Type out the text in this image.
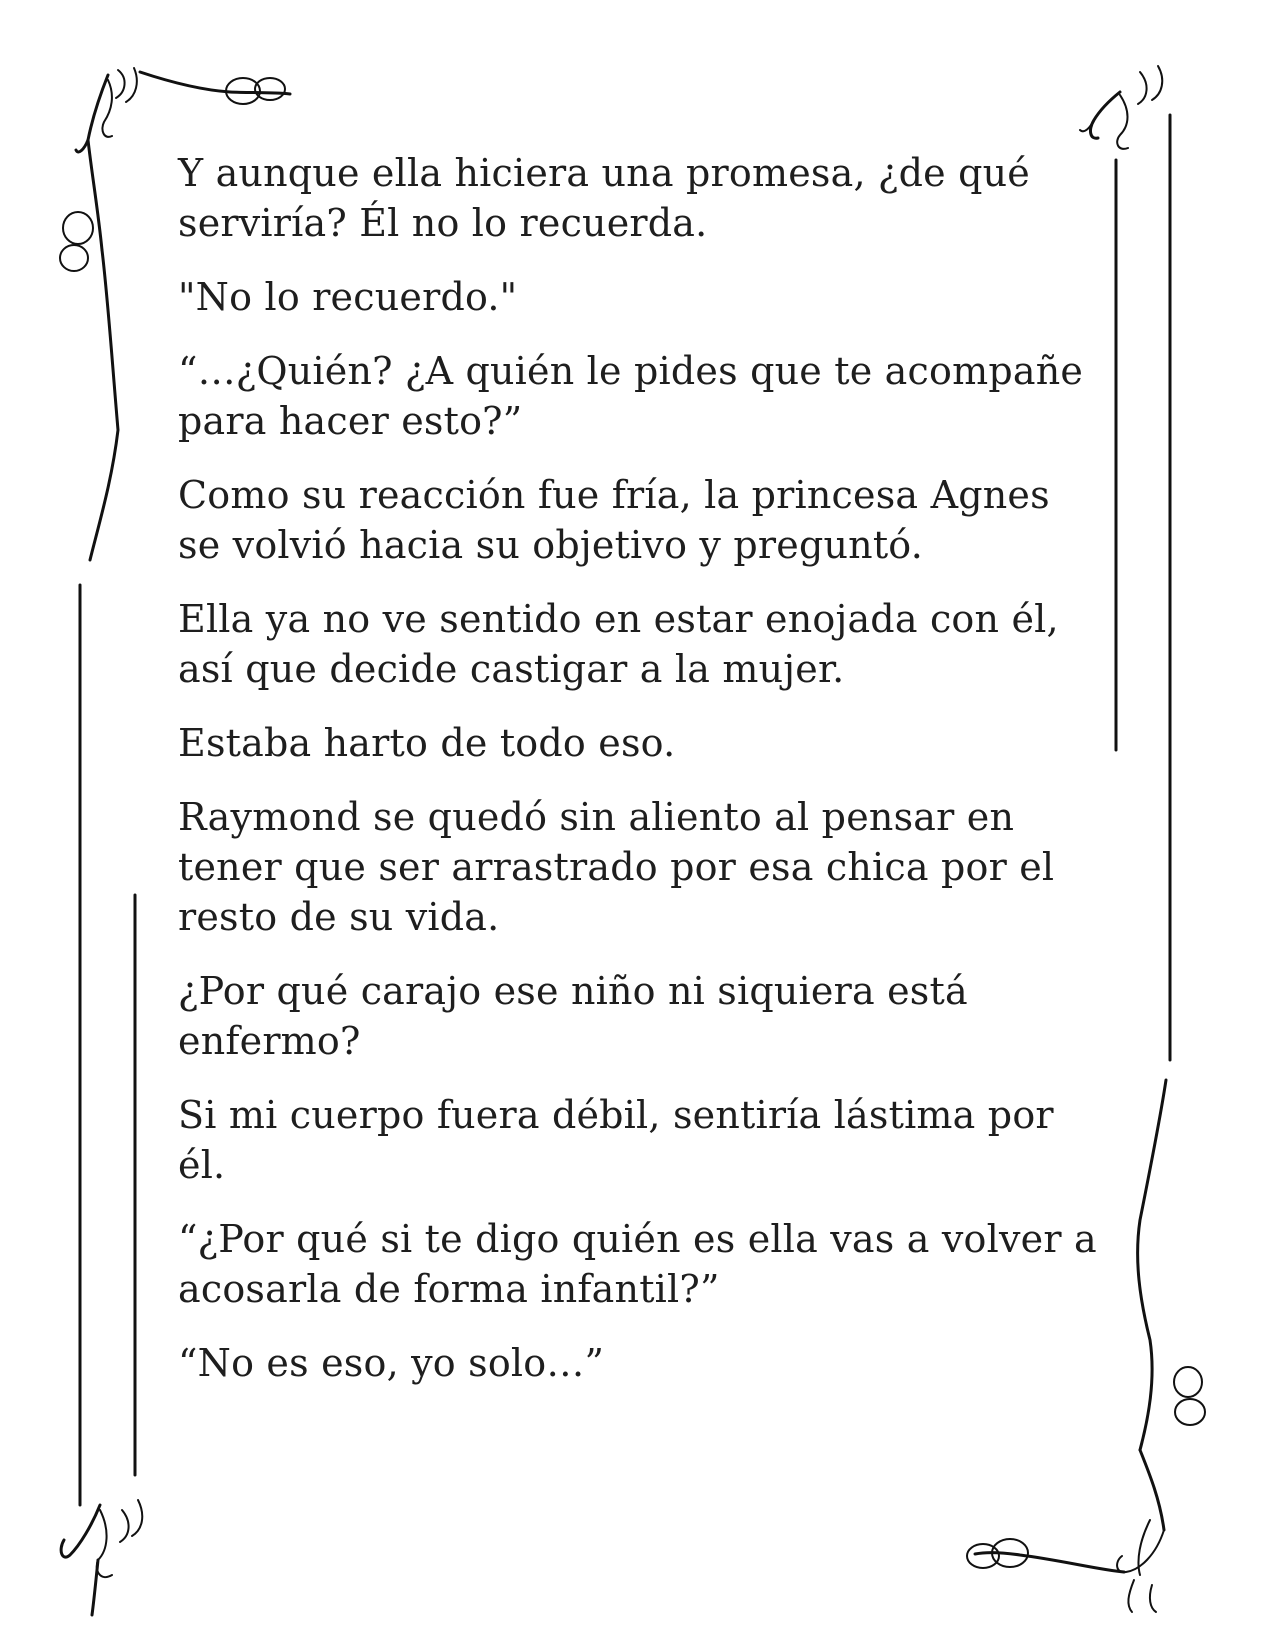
Y aunque ella hiciera una promesa, ¿de qué serviría? Él no lo recuerda.

"No lo recuerdo."

“…¿Quién? ¿A quién le pides que te acompañe para hacer esto?”

Como su reacción fue fría, la princesa Agnes se volvió hacia su objetivo y preguntó.

Ella ya no ve sentido en estar enojada con él, así que decide castigar a la mujer.

Estaba harto de todo eso.

Raymond se quedó sin aliento al pensar en tener que ser arrastrado por esa chica por el resto de su vida.

¿Por qué carajo ese niño ni siquiera está enfermo?

Si mi cuerpo fuera débil, sentiría lástima por él.

“¿Por qué si te digo quién es ella vas a volver a acosarla de forma infantil?”

“No es eso, yo solo…”
